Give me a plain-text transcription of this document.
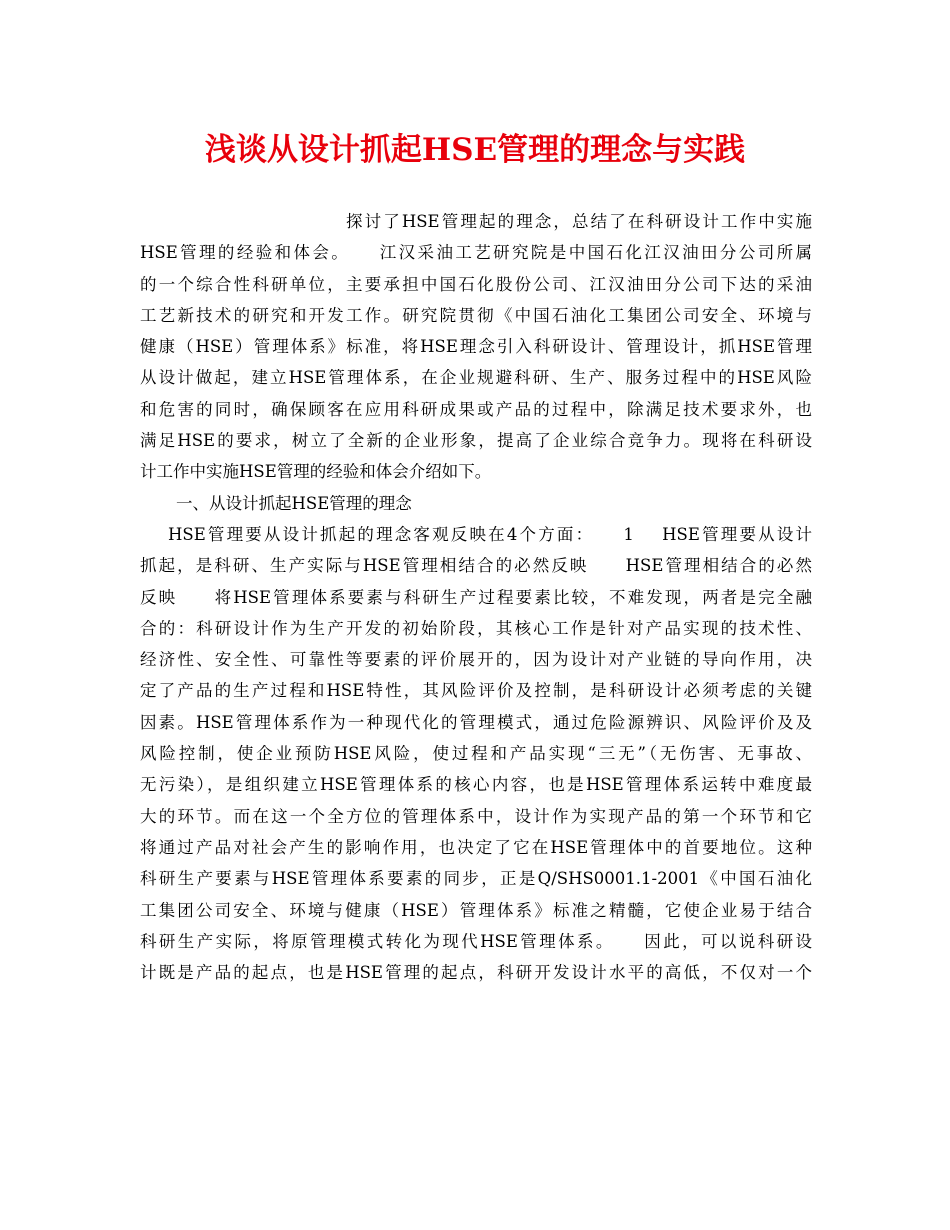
浅谈从设计抓起HSE管理的理念与实践
探讨了HSE管理起的理念，总结了在科研设计工作中实施
HSE管理的经验和体会。　　江汉采油工艺研究院是中国石化江汉油田分公司所属
的一个综合性科研单位，主要承担中国石化股份公司、江汉油田分公司下达的采油
工艺新技术的研究和开发工作。研究院贯彻《中国石油化工集团公司安全、环境与
健康（HSE）管理体系》标准，将HSE理念引入科研设计、管理设计，抓HSE管理
从设计做起，建立HSE管理体系，在企业规避科研、生产、服务过程中的HSE风险
和危害的同时，确保顾客在应用科研成果或产品的过程中，除满足技术要求外，也
满足HSE的要求，树立了全新的企业形象，提高了企业综合竞争力。现将在科研设
计工作中实施HSE管理的经验和体会介绍如下。
一、从设计抓起HSE管理的理念
HSE管理要从设计抓起的理念客观反映在4个方面：　　1　 HSE管理要从设计
抓起，是科研、生产实际与HSE管理相结合的必然反映　　HSE管理相结合的必然
反映　　将HSE管理体系要素与科研生产过程要素比较，不难发现，两者是完全融
合的：科研设计作为生产开发的初始阶段，其核心工作是针对产品实现的技术性、
经济性、安全性、可靠性等要素的评价展开的，因为设计对产业链的导向作用，决
定了产品的生产过程和HSE特性，其风险评价及控制，是科研设计必须考虑的关键
因素。HSE管理体系作为一种现代化的管理模式，通过危险源辨识、风险评价及及
风险控制，使企业预防HSE风险，使过程和产品实现“三无”（无伤害、无事故、
无污染），是组织建立HSE管理体系的核心内容，也是HSE管理体系运转中难度最
大的环节。而在这一个全方位的管理体系中，设计作为实现产品的第一个环节和它
将通过产品对社会产生的影响作用，也决定了它在HSE管理体中的首要地位。这种
科研生产要素与HSE管理体系要素的同步，正是Q/SHS0001.1-2001《中国石油化
工集团公司安全、环境与健康（HSE）管理体系》标准之精髓，它使企业易于结合
科研生产实际，将原管理模式转化为现代HSE管理体系。　　因此，可以说科研设
计既是产品的起点，也是HSE管理的起点，科研开发设计水平的高低，不仅对一个
